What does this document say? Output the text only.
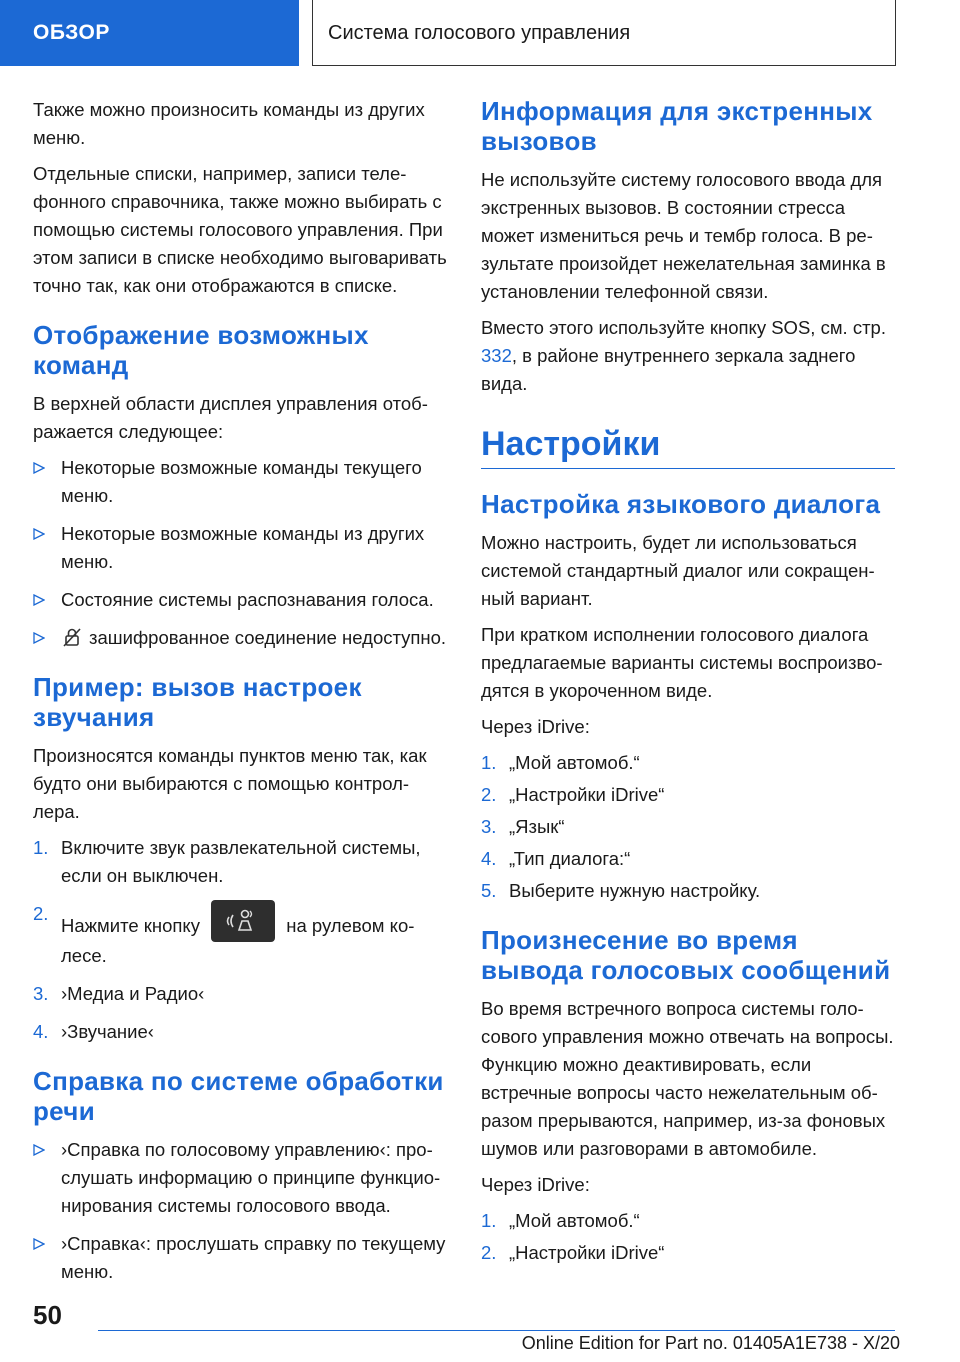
ОБЗОР	Система голосового управления

Также можно произносить команды из других меню.

Отдельные списки, например, записи телефонного справочника, также можно выбирать с помощью системы голосового управления. При этом записи в списке необходимо выговаривать точно так, как они отображаются в списке.

Отображение возможных команд

В верхней области дисплея управления отображается следующее:

Некоторые возможные команды текущего меню.
Некоторые возможные команды из других меню.
Состояние системы распознавания голоса.
зашифрованное соединение недоступно.
Пример: вызов настроек звучания

Произносятся команды пунктов меню так, как будто они выбираются с помощью контроллера.

1. Включите звук развлекательной системы, если он выключен.
2.
Нажмите кнопку	на рулевом колесе.
3. ›Медиа и Радио‹
4. ›Звучание‹
Справка по системе обработки речи
›Справка по голосовому управлению‹: прослушать информацию о принципе функционирования системы голосового ввода.
›Справка‹: прослушать справку по текущему меню.
Информация для экстренных вызовов

Не используйте систему голосового ввода для экстренных вызовов. В состоянии стресса может измениться речь и тембр голоса. В результате произойдет нежелательная заминка в установлении телефонной связи.

Вместо этого используйте кнопку SOS, см. стр. 332, в районе внутреннего зеркала заднего вида.

Настройки
Настройка языкового диалога

Можно настроить, будет ли использоваться системой стандартный диалог или сокращенный вариант.

При кратком исполнении голосового диалога предлагаемые варианты системы воспроизводятся в укороченном виде.

Через iDrive:

1. „Мой автомоб.“
2. „Настройки iDrive“
3. „Язык“
4. „Тип диалога:“
5. Выберите нужную настройку.
Произнесение во время вывода голосовых сообщений

Во время встречного вопроса системы голосового управления можно отвечать на вопросы. Функцию можно деактивировать, если встречные вопросы часто нежелательным образом прерываются, например, из-за фоновых шумов или разговорами в автомобиле.

Через iDrive:

1. „Мой автомоб.“
2. „Настройки iDrive“
50
Online Edition for Part no. 01405A1E738 - X/20
